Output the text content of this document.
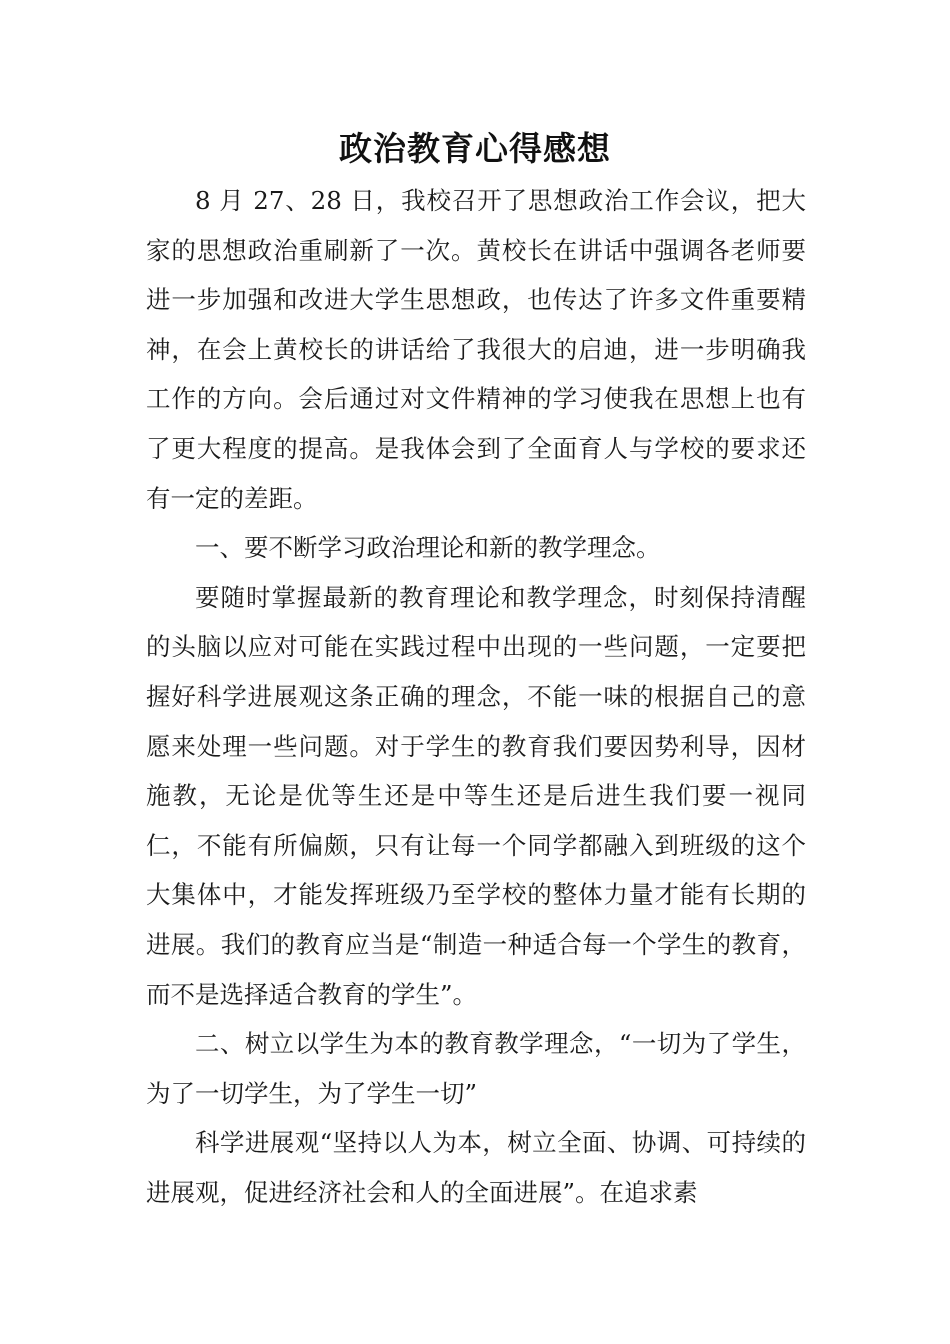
政治教育心得感想

8 月 27、28 日，我校召开了思想政治工作会议，把大家的思想政治重刷新了一次。黄校长在讲话中强调各老师要进一步加强和改进大学生思想政，也传达了许多文件重要精神，在会上黄校长的讲话给了我很大的启迪，进一步明确我工作的方向。会后通过对文件精神的学习使我在思想上也有了更大程度的提高。是我体会到了全面育人与学校的要求还有一定的差距。

一、要不断学习政治理论和新的教学理念。

要随时掌握最新的教育理论和教学理念，时刻保持清醒的头脑以应对可能在实践过程中出现的一些问题，一定要把握好科学进展观这条正确的理念，不能一味的根据自己的意愿来处理一些问题。对于学生的教育我们要因势利导，因材施教，无论是优等生还是中等生还是后进生我们要一视同仁，不能有所偏颇，只有让每一个同学都融入到班级的这个大集体中，才能发挥班级乃至学校的整体力量才能有长期的进展。我们的教育应当是“制造一种适合每一个学生的教育，而不是选择适合教育的学生”。

二、树立以学生为本的教育教学理念，“一切为了学生，为了一切学生，为了学生一切”

科学进展观“坚持以人为本，树立全面、协调、可持续的进展观，促进经济社会和人的全面进展”。在追求素
